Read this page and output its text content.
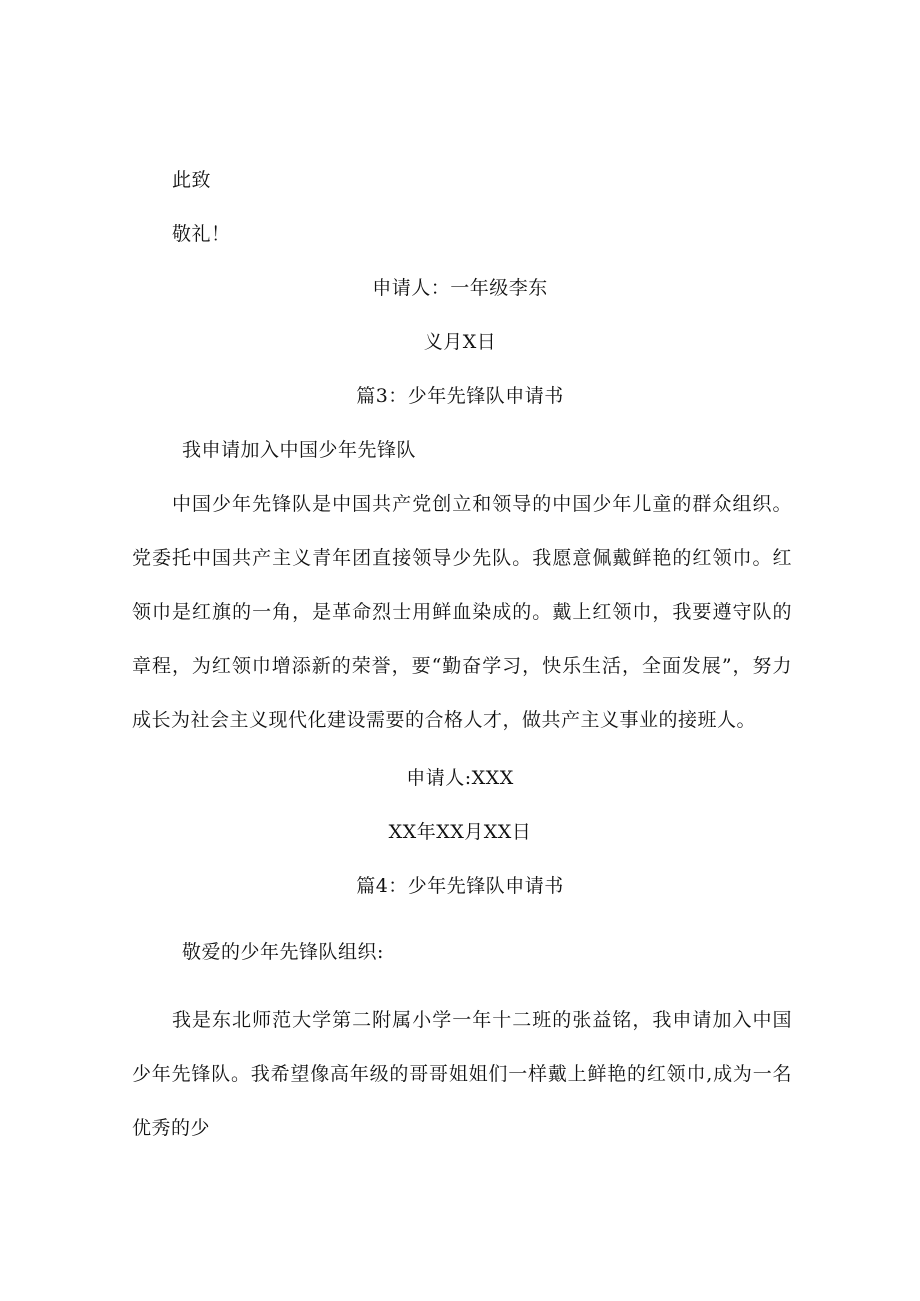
此致
敬礼！
申请人：一年级李东
义月X日
篇3：少年先锋队申请书
我申请加入中国少年先锋队
中国少年先锋队是中国共产党创立和领导的中国少年儿童的群众组织。党委托中国共产主义青年团直接领导少先队。我愿意佩戴鲜艳的红领巾。红领巾是红旗的一角，是革命烈士用鲜血染成的。戴上红领巾，我要遵守队的章程，为红领巾增添新的荣誉，要“勤奋学习，快乐生活，全面发展”，努力成长为社会主义现代化建设需要的合格人才，做共产主义事业的接班人。
申请人:XXX
XX年XX月XX日
篇4：少年先锋队申请书
敬爱的少年先锋队组织:
我是东北师范大学第二附属小学一年十二班的张益铭，我申请加入中国少年先锋队。我希望像高年级的哥哥姐姐们一样戴上鲜艳的红领巾,成为一名优秀的少
